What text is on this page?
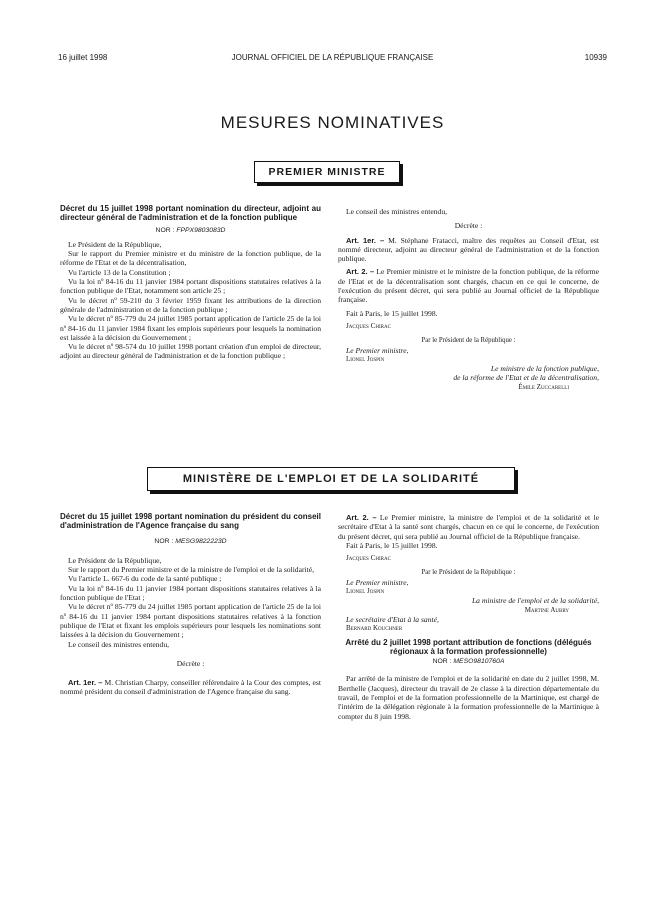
16 juillet 1998	JOURNAL OFFICIEL DE LA RÉPUBLIQUE FRANÇAISE	10939
MESURES NOMINATIVES
PREMIER MINISTRE
Décret du 15 juillet 1998 portant nomination du directeur, adjoint au directeur général de l'administration et de la fonction publique
NOR : FPPX9803083D

Le Président de la République,

Sur le rapport du Premier ministre et du ministre de la fonction publique, de la réforme de l'Etat et de la décentralisation,

Vu l'article 13 de la Constitution ;

Vu la loi nº 84-16 du 11 janvier 1984 portant dispositions statutaires relatives à la fonction publique de l'Etat, notamment son article 25 ;

Vu le décret nº 59-210 du 3 février 1959 fixant les attributions de la direction générale de l'administration et de la fonction publique ;

Vu le décret nº 85-779 du 24 juillet 1985 portant application de l'article 25 de la loi nº 84-16 du 11 janvier 1984 fixant les emplois supérieurs pour lesquels la nomination est laissée à la décision du Gouvernement ;

Vu le décret nº 98-574 du 10 juillet 1998 portant création d'un emploi de directeur, adjoint au directeur général de l'administration et de la fonction publique ;

Le conseil des ministres entendu,

Décrète :

Art. 1er. – M. Stéphane Fratacci, maître des requêtes au Conseil d'Etat, est nommé directeur, adjoint au directeur général de l'administration et de la fonction publique.

Art. 2. – Le Premier ministre et le ministre de la fonction publique, de la réforme de l'Etat et de la décentralisation sont chargés, chacun en ce qui le concerne, de l'exécution du présent décret, qui sera publié au Journal officiel de la République française.

Fait à Paris, le 15 juillet 1998.

Jacques Chirac

Par le Président de la République :

Le Premier ministre,

Lionel Jospin

Le ministre de la fonction publique,

de la réforme de l'Etat et de la décentralisation,

Émile Zuccarelli

MINISTÈRE DE L'EMPLOI ET DE LA SOLIDARITÉ
Décret du 15 juillet 1998 portant nomination du président du conseil d'administration de l'Agence française du sang
NOR : MESG9822223D

Le Président de la République,

Sur le rapport du Premier ministre et de la ministre de l'emploi et de la solidarité,

Vu l'article L. 667-6 du code de la santé publique ;

Vu la loi nº 84-16 du 11 janvier 1984 portant dispositions statutaires relatives à la fonction publique de l'Etat ;

Vu le décret nº 85-779 du 24 juillet 1985 portant application de l'article 25 de la loi nº 84-16 du 11 janvier 1984 portant dispositions statutaires relatives à la fonction publique de l'Etat et fixant les emplois supérieurs pour lesquels les nominations sont laissées à la décision du Gouvernement ;

Le conseil des ministres entendu,

Décrète :

Art. 1er. – M. Christian Charpy, conseiller référendaire à la Cour des comptes, est nommé président du conseil d'administration de l'Agence française du sang.

Art. 2. – Le Premier ministre, la ministre de l'emploi et de la solidarité et le secrétaire d'Etat à la santé sont chargés, chacun en ce qui le concerne, de l'exécution du présent décret, qui sera publié au Journal officiel de la République française.

Fait à Paris, le 15 juillet 1998.

Jacques Chirac

Par le Président de la République :

Le Premier ministre,

Lionel Jospin

La ministre de l'emploi et de la solidarité,

Martine Aubry

Le secrétaire d'Etat à la santé,

Bernard Kouchner

Arrêté du 2 juillet 1998 portant attribution de fonctions (délégués régionaux à la formation professionnelle)
NOR : MESO9810760A

Par arrêté de la ministre de l'emploi et de la solidarité en date du 2 juillet 1998, M. Berthelle (Jacques), directeur du travail de 2e classe à la direction départementale du travail, de l'emploi et de la formation professionnelle de la Martinique, est chargé de l'intérim de la délégation régionale à la formation professionnelle de la Martinique à compter du 8 juin 1998.
